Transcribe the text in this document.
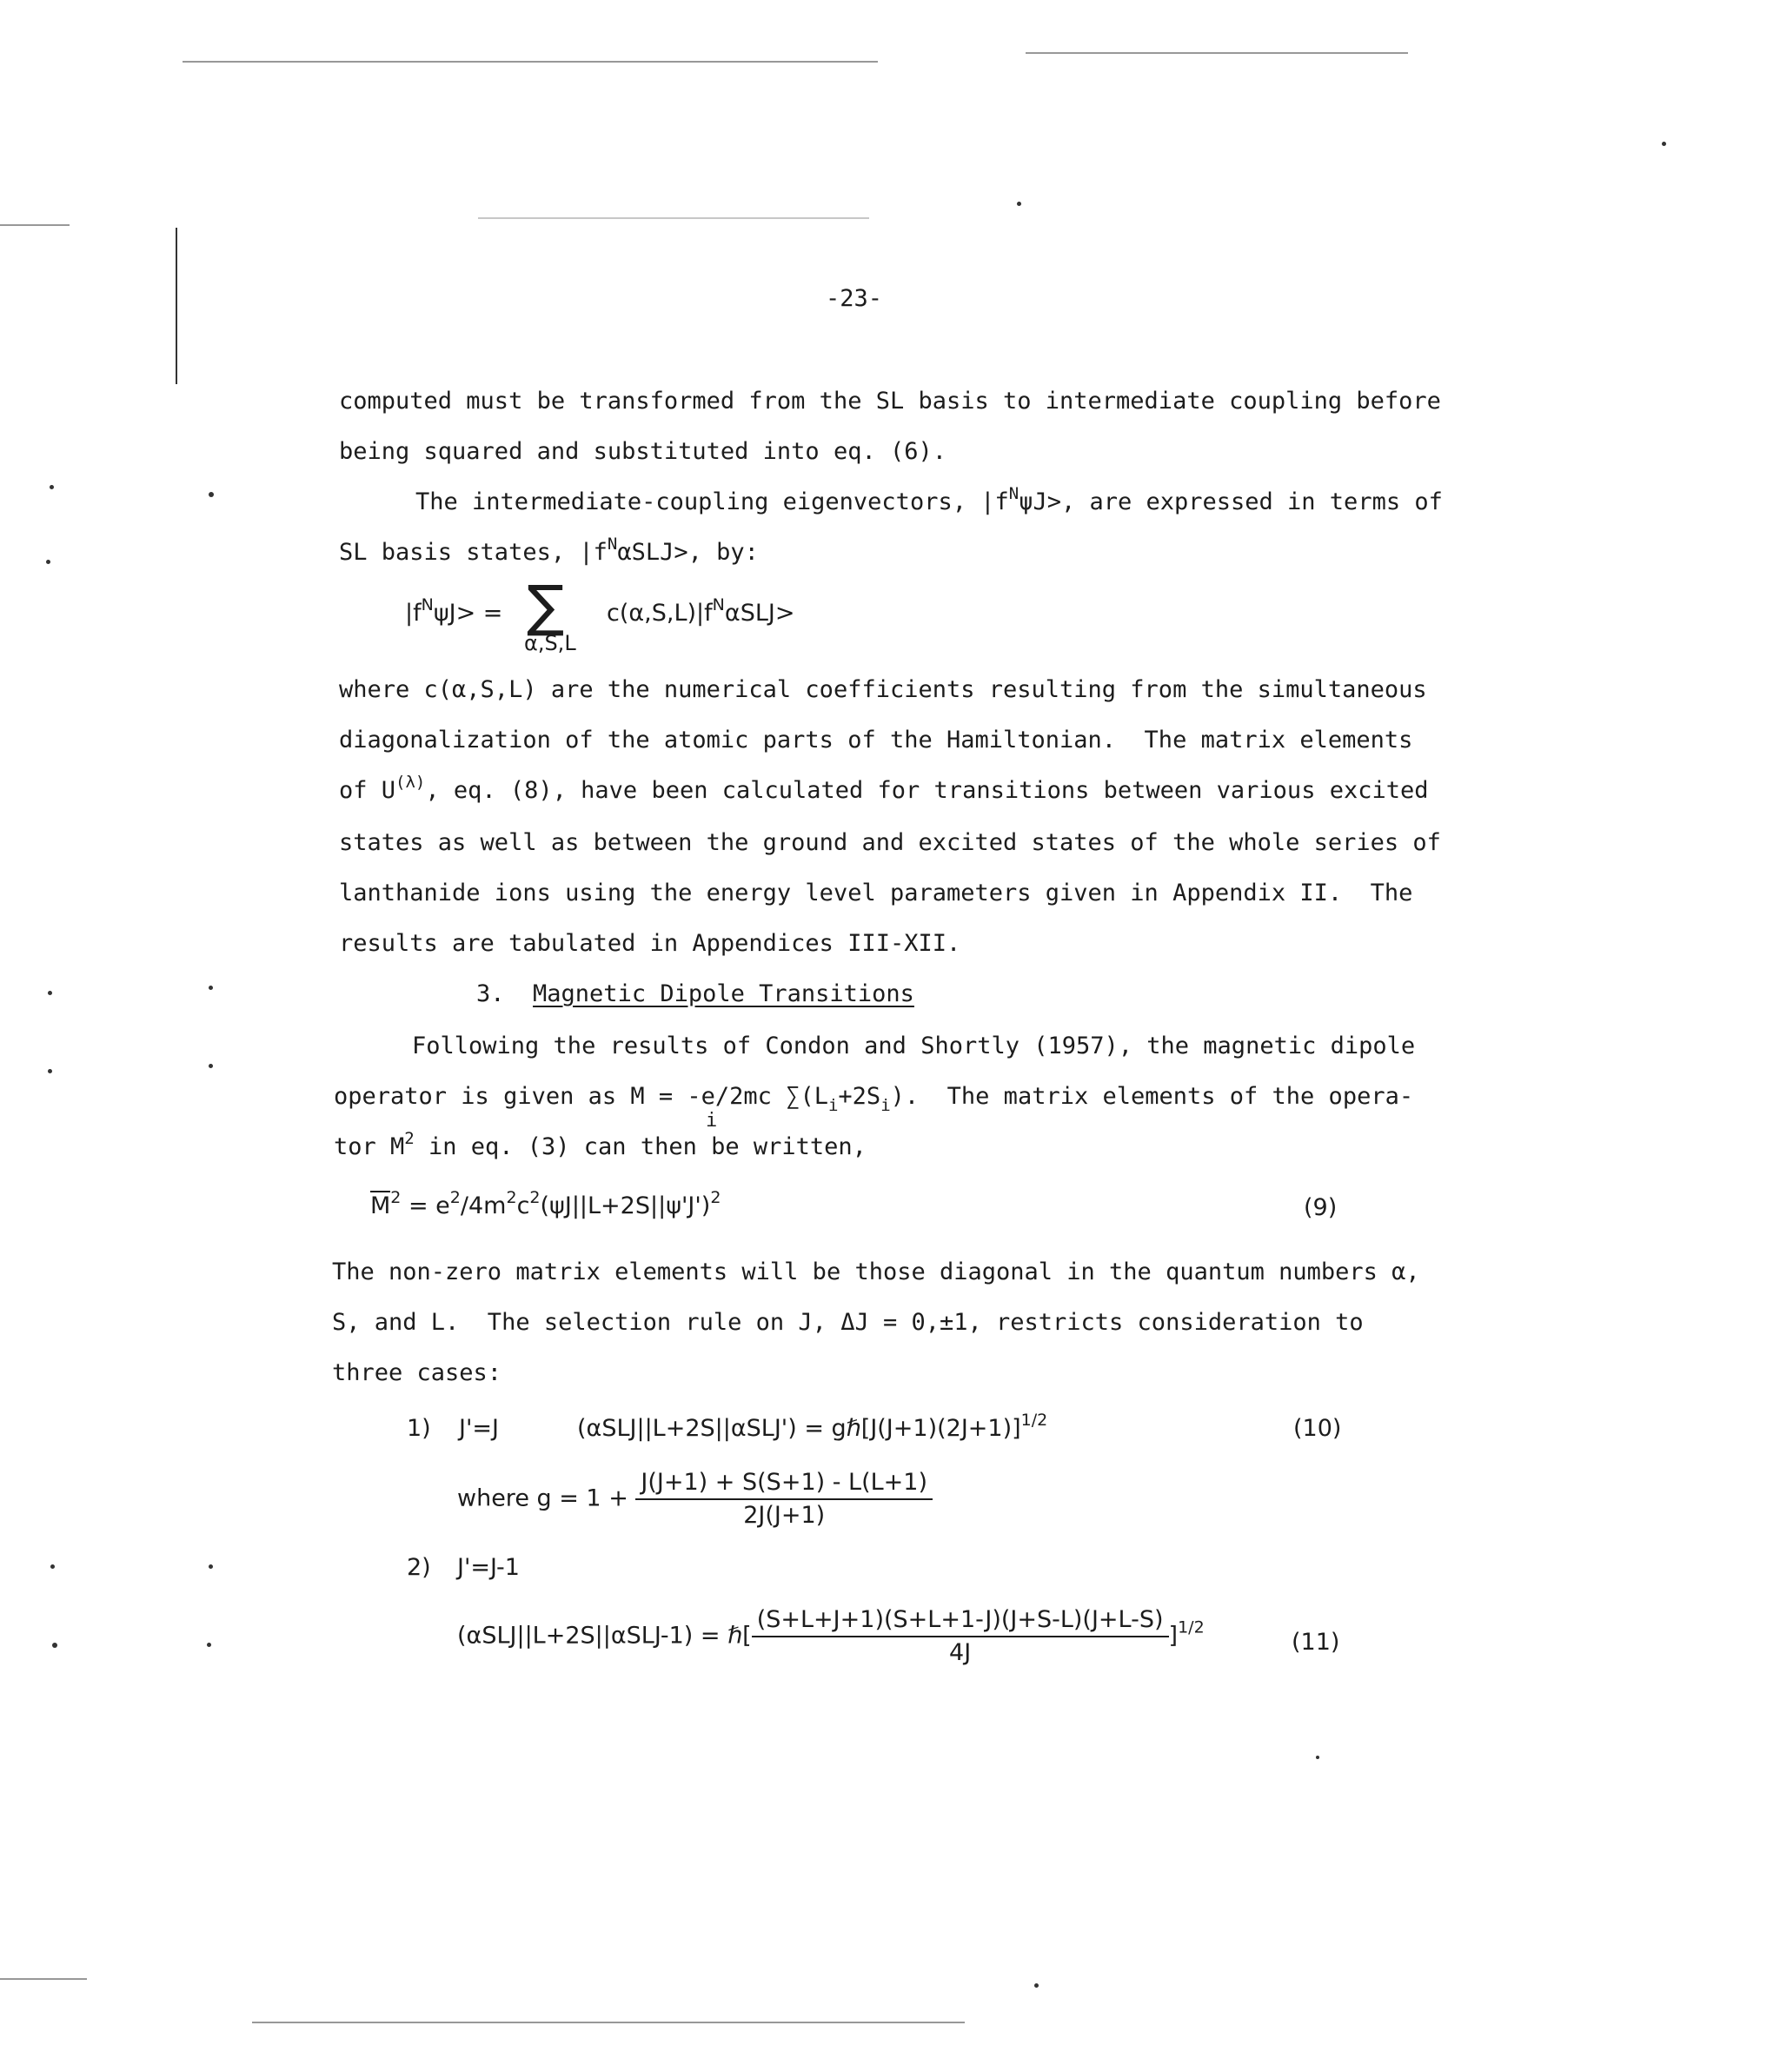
-23-
computed must be transformed from the SL basis to intermediate coupling before
being squared and substituted into eq. (6).
The intermediate-coupling eigenvectors, $|f^N\psi J>$, are expressed in terms of
SL basis states, $|f^N\alpha SLJ>$, by:
$|f^N\psi J>$ = ∑
α,S,L
$c(\alpha,S,L)|f^N\alpha SLJ>$
where c(α,S,L) are the numerical coefficients resulting from the simultaneous
diagonalization of the atomic parts of the Hamiltonian.  The matrix elements
of $U^{(\lambda)}$, eq. (8), have been calculated for transitions between various excited
states as well as between the ground and excited states of the whole series of
lanthanide ions using the energy level parameters given in Appendix II.  The
results are tabulated in Appendices III-XII.
3. Magnetic Dipole Transitions
Following the results of Condon and Shortly (1957), the magnetic dipole
operator is given as M = -e/2mc $\sum(L_i+2S_i)$.  The matrix elements of the opera-
i
tor $M^2$ in eq. (3) can then be written,
$M^2 = e^2/4m^2c^2(\psi J||L+2S||\psi'J')^2$	(9)
The non-zero matrix elements will be those diagonal in the quantum numbers α,
S, and L.  The selection rule on J, ΔJ = 0,±1, restricts consideration to
three cases:
1) J'=J	$(\alpha SLJ||L+2S||\alpha SLJ') = g\hbar[J(J+1)(2J+1)]^{1/2}$	(10)
where $g = 1 + \frac{J(J+1) + S(S+1) - L(L+1)}{2J(J+1)}$
2) J'=J-1
(αSLJ||L+2S||αSLJ-1) = ℏ[ $\frac{(S+L+J+1)(S+L+1-J)(J+S-L)(J+L-S)}{4J} ]^{1/2}$
(11)
